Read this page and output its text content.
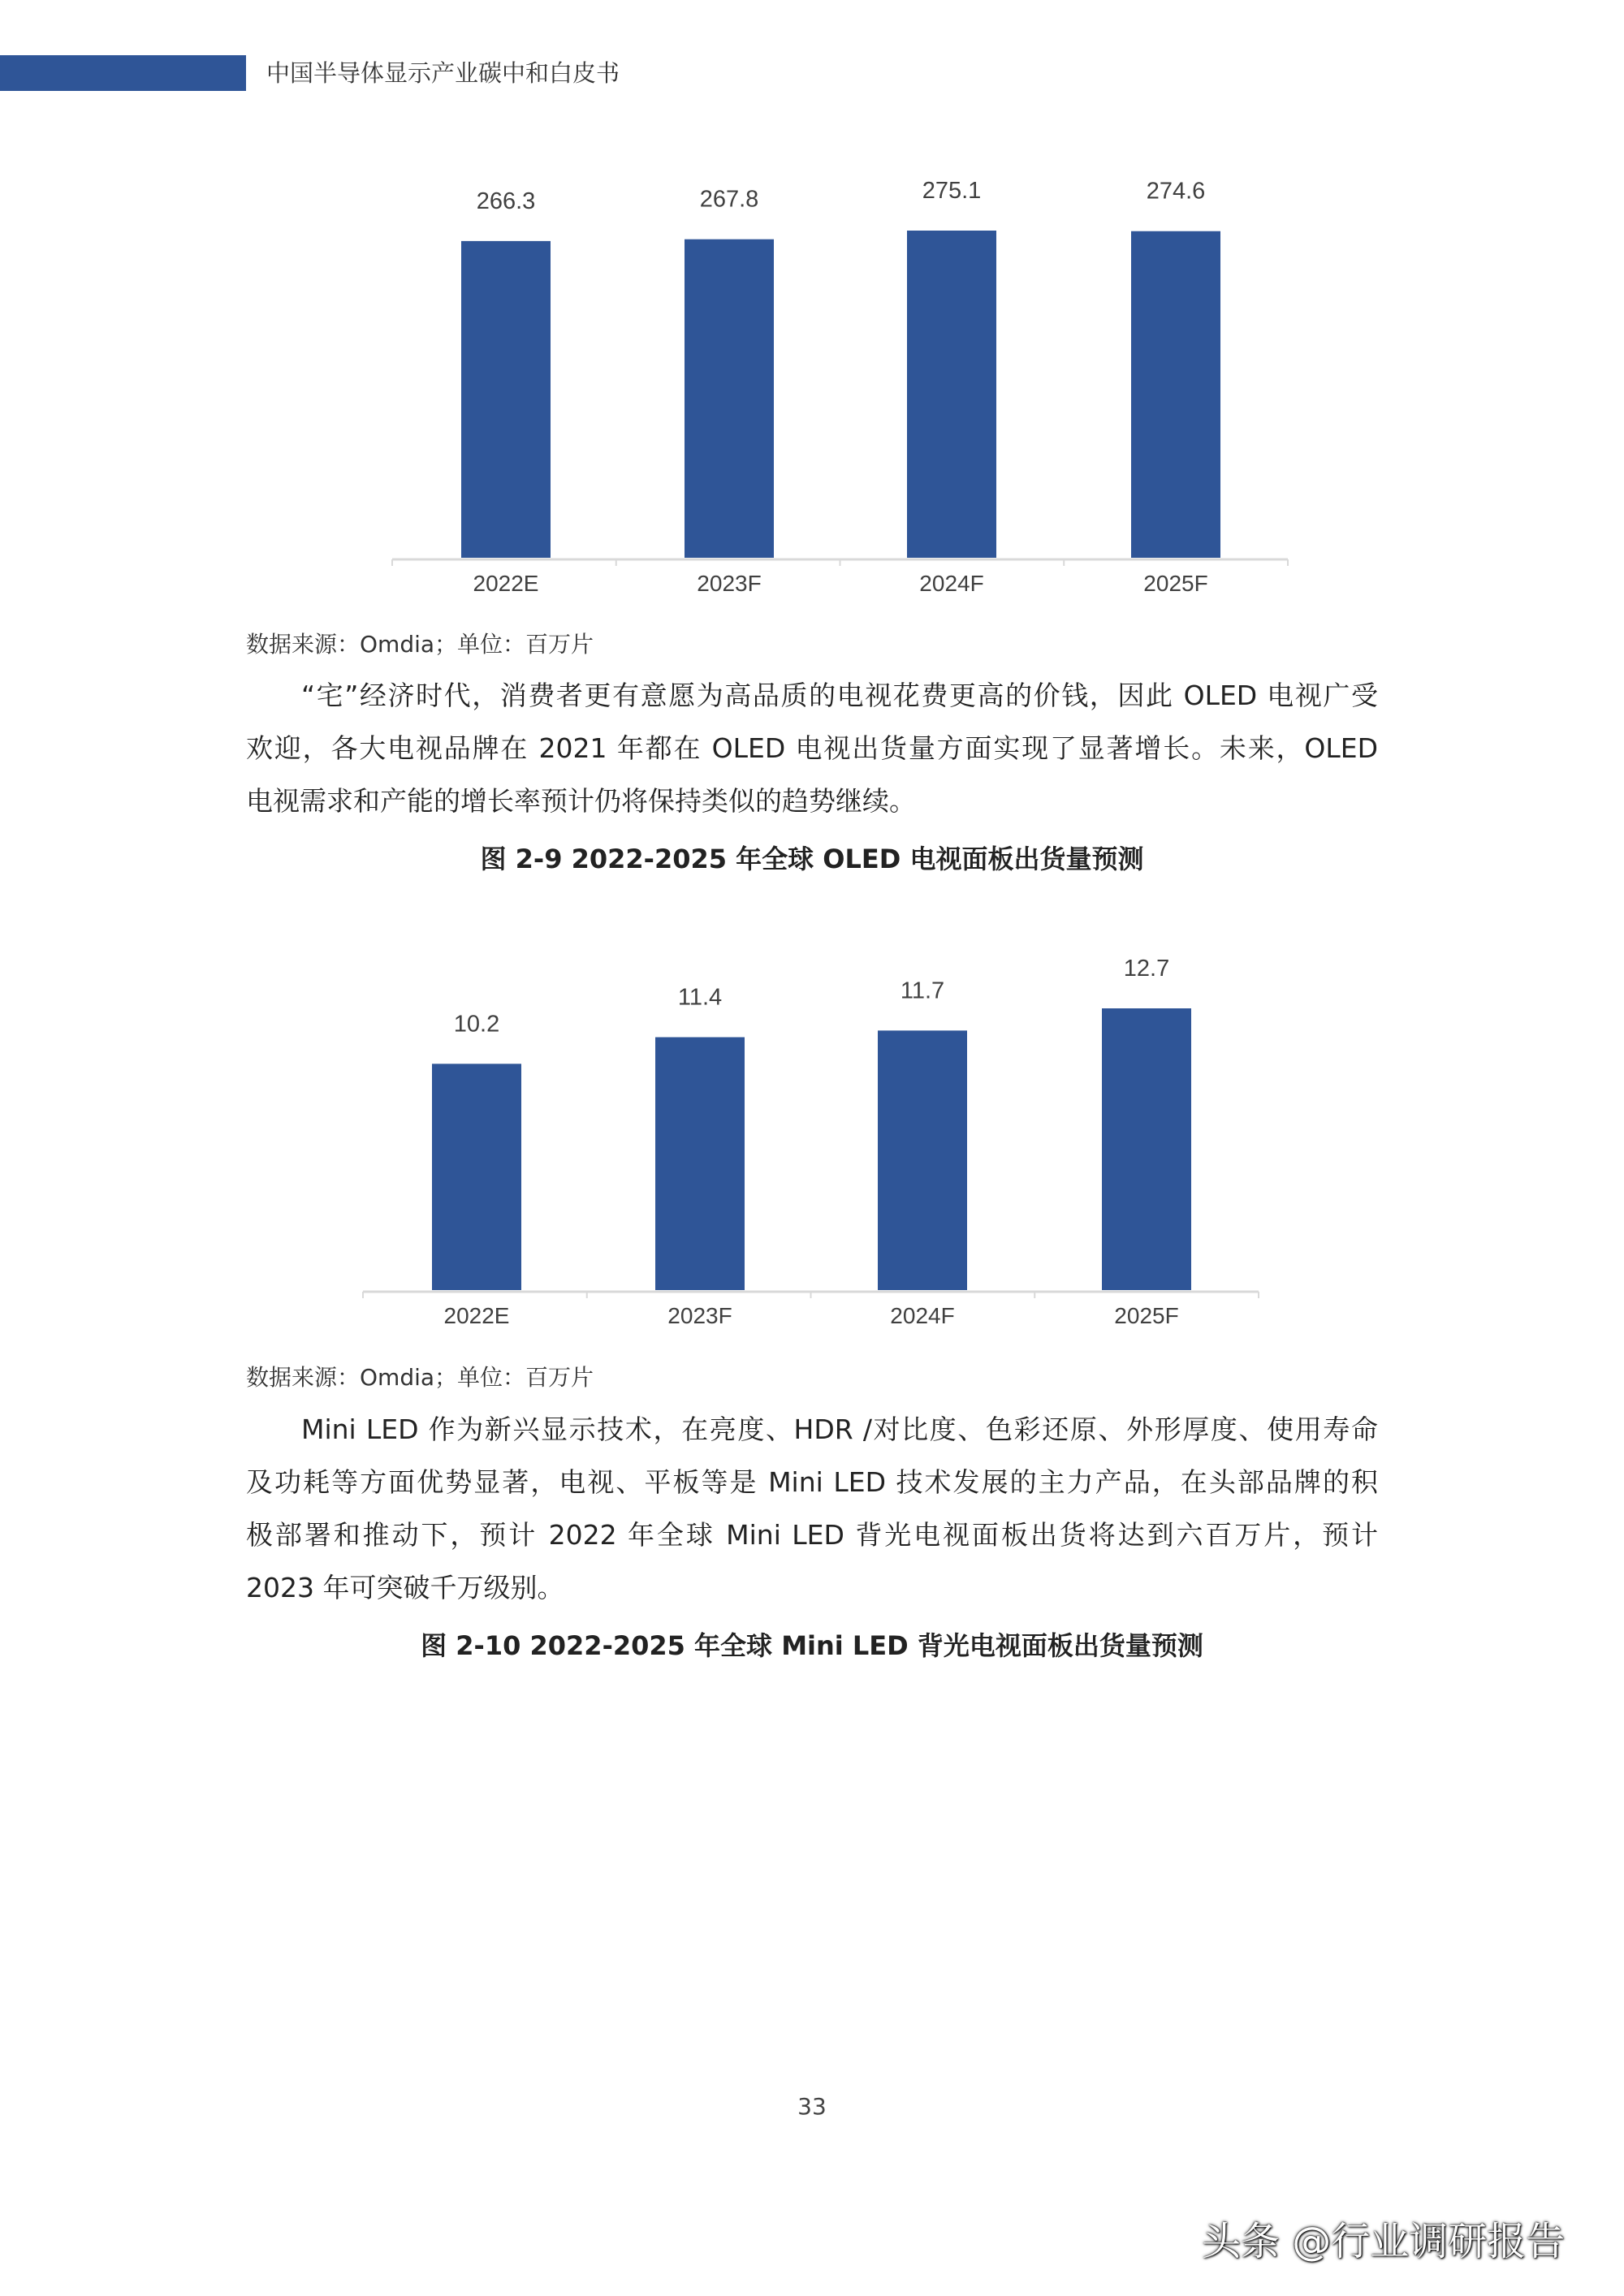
中国半导体显示产业碳中和白皮书
266.3
2022E
267.8
2023F
275.1
2024F
274.6
2025F
数据来源：Omdia；单位：百万片
“宅”经济时代，消费者更有意愿为高品质的电视花费更高的价钱，因此 OLED 电视广受
欢迎，各大电视品牌在 2021 年都在 OLED 电视出货量方面实现了显著增长。未来，OLED
电视需求和产能的增长率预计仍将保持类似的趋势继续。
图 2-9 2022-2025 年全球 OLED 电视面板出货量预测
10.2
2022E
11.4
2023F
11.7
2024F
12.7
2025F
数据来源：Omdia；单位：百万片
Mini LED 作为新兴显示技术，在亮度、HDR /对比度、色彩还原、外形厚度、使用寿命
及功耗等方面优势显著，电视、平板等是 Mini LED 技术发展的主力产品，在头部品牌的积
极部署和推动下，预计 2022 年全球 Mini LED 背光电视面板出货将达到六百万片，预计
2023 年可突破千万级别。
图 2-10 2022-2025 年全球 Mini LED 背光电视面板出货量预测
33
头条 @行业调研报告
